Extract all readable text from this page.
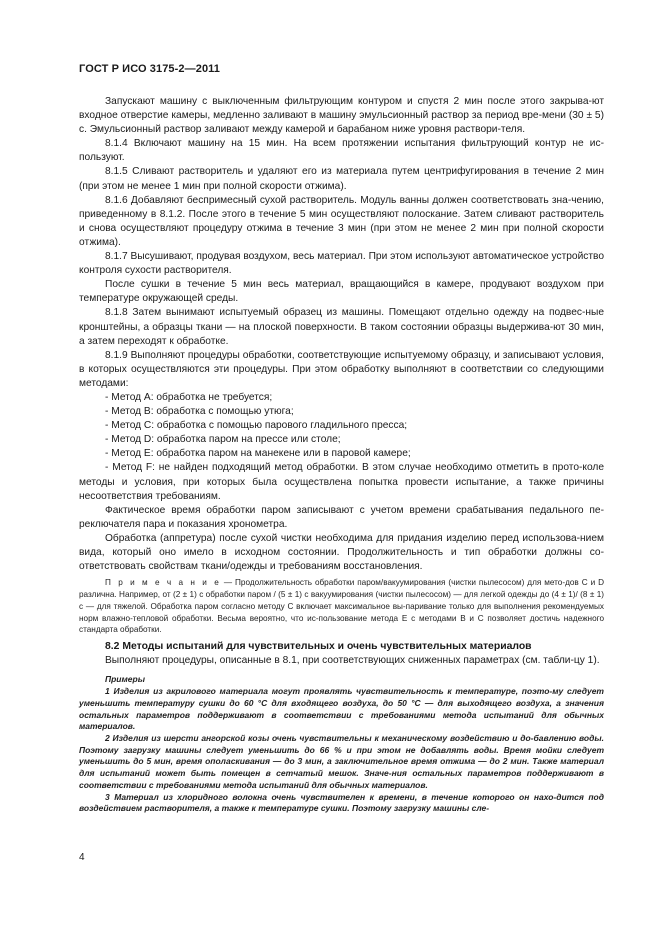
ГОСТ Р ИСО 3175-2—2011

Запускают машину с выключенным фильтрующим контуром и спустя 2 мин после этого закрыва-ют входное отверстие камеры, медленно заливают в машину эмульсионный раствор за период вре-мени (30 ± 5) с. Эмульсионный раствор заливают между камерой и барабаном ниже уровня раствори-теля.

8.1.4 Включают машину на 15 мин. На всем протяжении испытания фильтрующий контур не ис-пользуют.

8.1.5 Сливают растворитель и удаляют его из материала путем центрифугирования в течение 2 мин (при этом не менее 1 мин при полной скорости отжима).

8.1.6 Добавляют беспримесный сухой растворитель. Модуль ванны должен соответствовать зна-чению, приведенному в 8.1.2. После этого в течение 5 мин осуществляют полоскание. Затем сливают растворитель и снова осуществляют процедуру отжима в течение 3 мин (при этом не менее 2 мин при полной скорости отжима).

8.1.7 Высушивают, продувая воздухом, весь материал. При этом используют автоматическое устройство контроля сухости растворителя.

После сушки в течение 5 мин весь материал, вращающийся в камере, продувают воздухом при температуре окружающей среды.

8.1.8 Затем вынимают испытуемый образец из машины. Помещают отдельно одежду на подвес-ные кронштейны, а образцы ткани — на плоской поверхности. В таком состоянии образцы выдержива-ют 30 мин, а затем переходят к обработке.

8.1.9 Выполняют процедуры обработки, соответствующие испытуемому образцу, и записывают условия, в которых осуществляются эти процедуры. При этом обработку выполняют в соответствии со следующими методами:

- Метод А: обработка не требуется;

- Метод В: обработка с помощью утюга;

- Метод С: обработка с помощью парового гладильного пресса;

- Метод D: обработка паром на прессе или столе;

- Метод Е: обработка паром на манекене или в паровой камере;

- Метод F: не найден подходящий метод обработки. В этом случае необходимо отметить в прото-коле методы и условия, при которых была осуществлена попытка провести испытание, а также причины несоответствия требованиям.

Фактическое время обработки паром записывают с учетом времени срабатывания педального пе-реключателя пара и показания хронометра.

Обработка (аппретура) после сухой чистки необходима для придания изделию перед использова-нием вида, который оно имело в исходном состоянии. Продолжительность и тип обработки должны со-ответствовать свойствам ткани/одежды и требованиям восстановления.

П р и м е ч а н и е — Продолжительность обработки паром/вакуумирования (чистки пылесосом) для мето-дов С и D различна. Например, от (2 ± 1) с обработки паром / (5 ± 1) с вакуумирования (чистки пылесосом) — для легкой одежды до (4 ± 1)/ (8 ± 1) с — для тяжелой. Обработка паром согласно методу С включает максимальное вы-паривание только для выполнения рекомендуемых норм влажно-тепловой обработки. Весьма вероятно, что ис-пользование метода Е с методами В и С позволяет достичь надежного стандарта обработки.

8.2 Методы испытаний для чувствительных и очень чувствительных материалов

Выполняют процедуры, описанные в 8.1, при соответствующих сниженных параметрах (см. табли-цу 1).

Примеры

1 Изделия из акрилового материала могут проявлять чувствительность к температуре, поэто-му следует уменьшить температуру сушки до 60 °С для входящего воздуха, до 50 °С — для выходящего воздуха, а значения остальных параметров поддерживают в соответствии с требованиями метода испытаний для обычных материалов.

2 Изделия из шерсти ангорской козы очень чувствительны к механическому воздействию и до-бавлению воды. Поэтому загрузку машины следует уменьшить до 66 % и при этом не добавлять воды. Время мойки следует уменьшить до 5 мин, время ополаскивания — до 3 мин, а заключительное время отжима — до 2 мин. Также материал для испытаний может быть помещен в сетчатый мешок. Значе-ния остальных параметров поддерживают в соответствии с требованиями метода испытаний для обычных материалов.

3 Материал из хлоридного волокна очень чувствителен к времени, в течение которого он нахо-дится под воздействием растворителя, а также к температуре сушки. Поэтому загрузку машины сле-

4
